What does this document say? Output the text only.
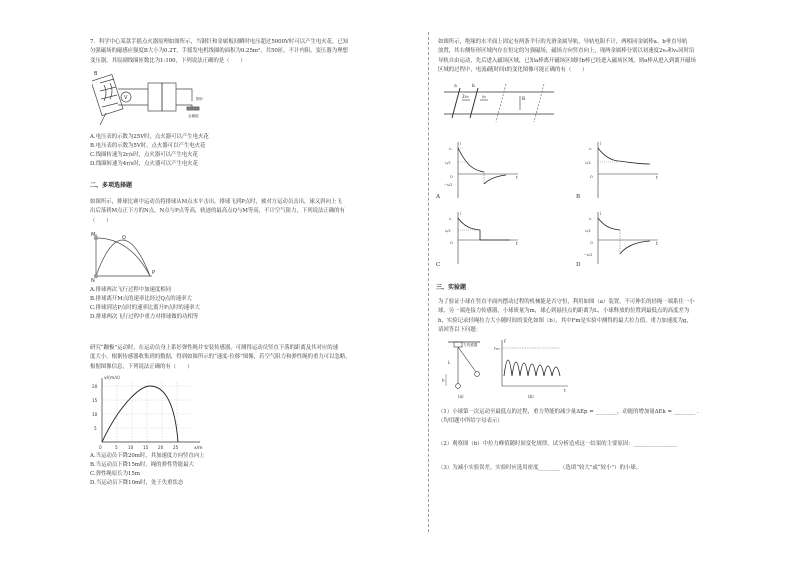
7．科学中心某款手摇点火器原理如图所示，当钢针和金属板间瞬时电压超过5000V时可以产生电火花，已知

匀强磁场的磁感应强度B大小为0.2T，手摇发电机线圈的面积为0.25m²，共50匝，不计内阻，变压器为理想

变压器，其原副线圈匝数比为1:100，下列说法正确的是（　　）

V
B
钢针
金属板
A.电压表的示数为25V时，点火器可以产生电火花
B.电压表的示数为5V时，点火器可以产生电火花
C.线圈转速为2r/s时，点火器可以产生电火花
D.线圈转速为4r/s时，点火器可以产生电火花
二、多项选择题

如图所示，排球比赛中运动员将排球从M点水平击出，排球飞到P点时，被对方运动员击出，球又斜向上飞

出后落到M点正下方的N点，N点与P点等高，轨迹的最高点Q与M等高，不计空气阻力，下列说法正确的有

（　　）

M	Q
P
N
A.排球两次飞行过程中加速度相同
B.排球离开M点的速率比经过Q点的速率大
C.排球到达P点时的速率比离开P点时的速率大
D.排球两次飞行过程中重力对排球做的功相等

研究“蹦极”运动时，在运动员身上系好弹性绳并安装传感器，可测得运动员竖直下落的距离及其对应的速

度大小，根据传感器收集到的数据，得到如图所示的“速度-位移”图像，若空气阻力和弹性绳的重力可以忽略，

根据图像信息，下列说法正确的有（　　）

v/(m/s)
x/m
20
15
10
5
0	5 10 15 20 25
A.当运动员下降20m时，其加速度方向竖直向上
B.当运动员下降15m时，绳的弹性势能最大
C.弹性绳原长为15m
D.当运动员下降10m时，处于失重状态

如图所示，绝缘的水平面上固定有两条平行的光滑金属导轨，导轨电阻不计，两相同金属棒a、b垂直导轨

放置，其右侧矩形区域内存在恒定的匀强磁场，磁场方向竖直向上，现两金属棒分别以初速度2v₀和v₀同时沿

导轨自由运动，先后进入磁场区域，已知a棒离开磁场区域时b棒已经进入磁场区域，则a棒从进入到离开磁场

区域的过程中，电流i随时间t的变化图像可能正确的有（　　）

a	b
2v₀	v₀
B
i
t
i₀
i₀/2
−i₀/2
O
A
i
t
i₀
i₀/2
O
B
i
t
i₀
i₀/2
O
C
i
t
i₀
i₀/2
−i₀/2
O
D
三、实验题

为了验证小球在竖直平面内摆动过程的机械能是否守恒，利用如图（a）装置，不可伸长的轻绳一端系住一小

球，另一端连接力传感器，小球质量为m，球心到悬挂点的距离为L，小球释放的位置到最低点的高度差为

h，实验记录轻绳拉力大小随时间的变化如图（b），其中Fm是实验中测得的最大拉力值，重力加速度为g，

请回答以下问题：

h
L
力传感器
(a)
F
t
Fm
(b)

（1）小球第一次运动至最低点的过程，重力势能的减少量ΔEp = ________，动能的增加量ΔEk = ________ .

（均用题中所给字母表示）

（2）观察图（b）中拉力峰值随时间变化规律，试分析造成这一结果的主要原因：________________
（3）为减小实验误差，实验时应选用密度________（选填“较大”或“较小”）的小球。
